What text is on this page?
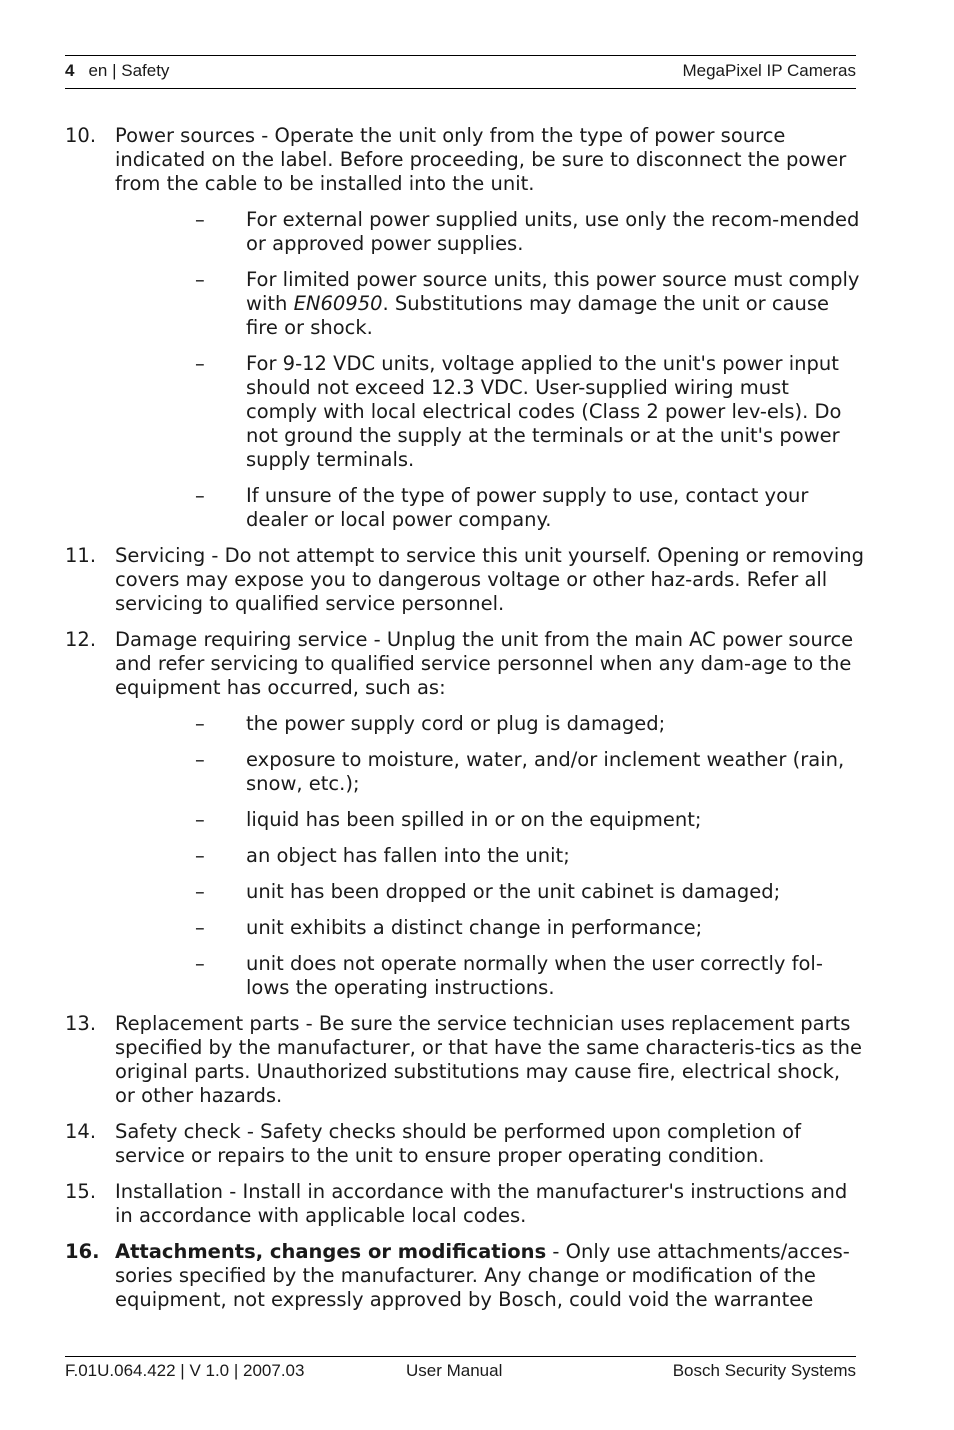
4 en | Safety	MegaPixel IP Cameras
10. Power sources - Operate the unit only from the type of power source indicated on the label. Before proceeding, be sure to disconnect the power from the cable to be installed into the unit.
– For external power supplied units, use only the recom-mended or approved power supplies.
– For limited power source units, this power source must comply with EN60950. Substitutions may damage the unit or cause fire or shock.
– For 9-12 VDC units, voltage applied to the unit's power input should not exceed 12.3 VDC. User-supplied wiring must comply with local electrical codes (Class 2 power lev-els). Do not ground the supply at the terminals or at the unit's power supply terminals.
– If unsure of the type of power supply to use, contact your dealer or local power company.
11. Servicing - Do not attempt to service this unit yourself. Opening or removing covers may expose you to dangerous voltage or other haz-ards. Refer all servicing to qualified service personnel.
12. Damage requiring service - Unplug the unit from the main AC power source and refer servicing to qualified service personnel when any dam-age to the equipment has occurred, such as:
– the power supply cord or plug is damaged;
– exposure to moisture, water, and/or inclement weather (rain, snow, etc.);
– liquid has been spilled in or on the equipment;
– an object has fallen into the unit;
– unit has been dropped or the unit cabinet is damaged;
– unit exhibits a distinct change in performance;
– unit does not operate normally when the user correctly fol-lows the operating instructions.
13. Replacement parts - Be sure the service technician uses replacement parts specified by the manufacturer, or that have the same characteris-tics as the original parts. Unauthorized substitutions may cause fire, electrical shock, or other hazards.
14. Safety check - Safety checks should be performed upon completion of service or repairs to the unit to ensure proper operating condition.
15. Installation - Install in accordance with the manufacturer's instructions and in accordance with applicable local codes.
16. Attachments, changes or modifications - Only use attachments/acces-sories specified by the manufacturer. Any change or modification of the equipment, not expressly approved by Bosch, could void the warrantee
F.01U.064.422 | V 1.0 | 2007.03	User Manual	Bosch Security Systems
